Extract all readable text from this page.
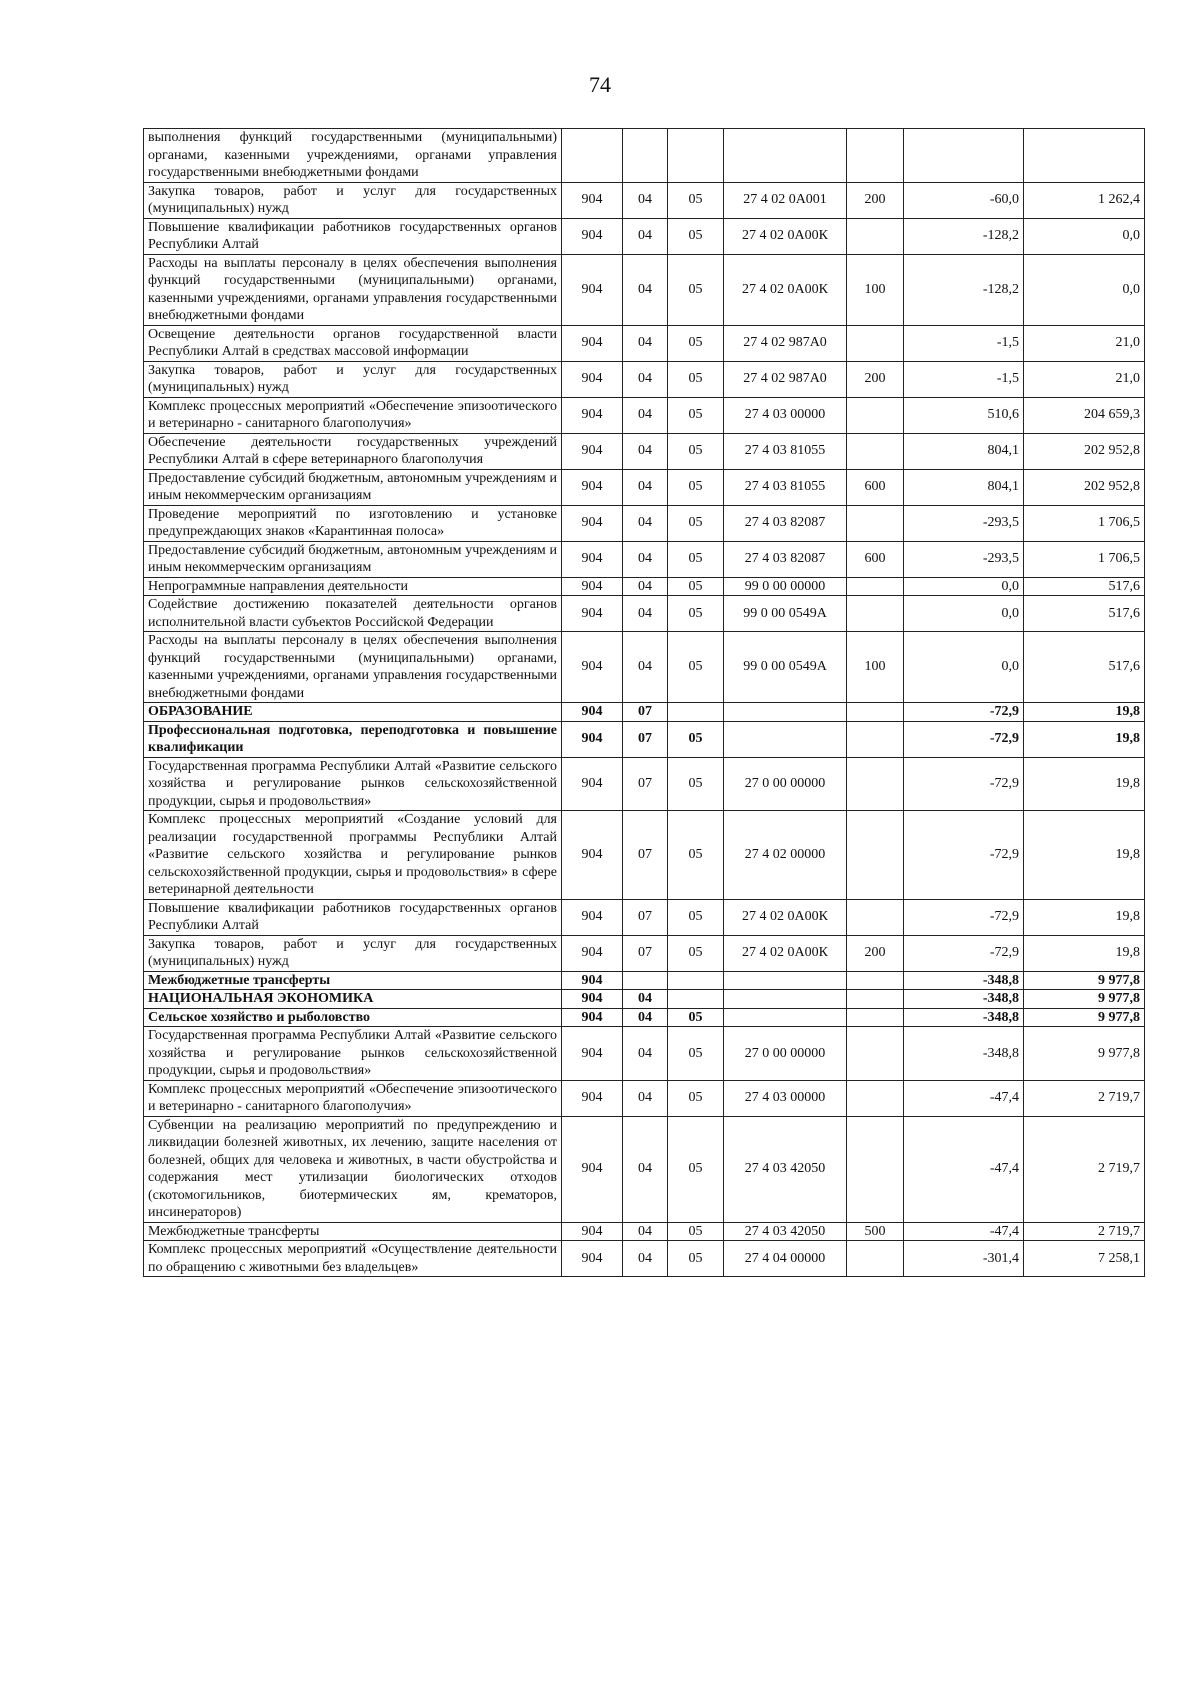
74
выполнения функций государственными (муниципальными) органами, казенными учреждениями, органами управления государственными внебюджетными фондами							
Закупка товаров, работ и услуг для государственных (муниципальных) нужд	904	04	05	27 4 02 0А001	200	-60,0	1 262,4
Повышение квалификации работников государственных органов Республики Алтай	904	04	05	27 4 02 0А00К		-128,2	0,0
Расходы на выплаты персоналу в целях обеспечения выполнения функций государственными (муниципальными) органами, казенными учреждениями, органами управления государственными внебюджетными фондами	904	04	05	27 4 02 0А00К	100	-128,2	0,0
Освещение деятельности органов государственной власти Республики Алтай в средствах массовой информации	904	04	05	27 4 02 987А0		-1,5	21,0
Закупка товаров, работ и услуг для государственных (муниципальных) нужд	904	04	05	27 4 02 987А0	200	-1,5	21,0
Комплекс процессных мероприятий «Обеспечение эпизоотического и ветеринарно - санитарного благополучия»	904	04	05	27 4 03 00000		510,6	204 659,3
Обеспечение деятельности государственных учреждений Республики Алтай в сфере ветеринарного благополучия	904	04	05	27 4 03 81055		804,1	202 952,8
Предоставление субсидий бюджетным, автономным учреждениям и иным некоммерческим организациям	904	04	05	27 4 03 81055	600	804,1	202 952,8
Проведение мероприятий по изготовлению и установке предупреждающих знаков «Карантинная полоса»	904	04	05	27 4 03 82087		-293,5	1 706,5
Предоставление субсидий бюджетным, автономным учреждениям и иным некоммерческим организациям	904	04	05	27 4 03 82087	600	-293,5	1 706,5
Непрограммные направления деятельности	904	04	05	99 0 00 00000		0,0	517,6
Содействие достижению показателей деятельности органов исполнительной власти субъектов Российской Федерации	904	04	05	99 0 00 0549А		0,0	517,6
Расходы на выплаты персоналу в целях обеспечения выполнения функций государственными (муниципальными) органами, казенными учреждениями, органами управления государственными внебюджетными фондами	904	04	05	99 0 00 0549А	100	0,0	517,6
ОБРАЗОВАНИЕ	904	07				-72,9	19,8
Профессиональная подготовка, переподготовка и повышение квалификации	904	07	05			-72,9	19,8
Государственная программа Республики Алтай «Развитие сельского хозяйства и регулирование рынков сельскохозяйственной продукции, сырья и продовольствия»	904	07	05	27 0 00 00000		-72,9	19,8
Комплекс процессных мероприятий «Создание условий для реализации государственной программы Республики Алтай «Развитие сельского хозяйства и регулирование рынков сельскохозяйственной продукции, сырья и продовольствия» в сфере ветеринарной деятельности	904	07	05	27 4 02 00000		-72,9	19,8
Повышение квалификации работников государственных органов Республики Алтай	904	07	05	27 4 02 0А00К		-72,9	19,8
Закупка товаров, работ и услуг для государственных (муниципальных) нужд	904	07	05	27 4 02 0А00К	200	-72,9	19,8
Межбюджетные трансферты	904					-348,8	9 977,8
НАЦИОНАЛЬНАЯ ЭКОНОМИКА	904	04				-348,8	9 977,8
Сельское хозяйство и рыболовство	904	04	05			-348,8	9 977,8
Государственная программа Республики Алтай «Развитие сельского хозяйства и регулирование рынков сельскохозяйственной продукции, сырья и продовольствия»	904	04	05	27 0 00 00000		-348,8	9 977,8
Комплекс процессных мероприятий «Обеспечение эпизоотического и ветеринарно - санитарного благополучия»	904	04	05	27 4 03 00000		-47,4	2 719,7
Субвенции на реализацию мероприятий по предупреждению и ликвидации болезней животных, их лечению, защите населения от болезней, общих для человека и животных, в части обустройства и содержания мест утилизации биологических отходов (скотомогильников, биотермических ям, крематоров, инсинераторов)	904	04	05	27 4 03 42050		-47,4	2 719,7
Межбюджетные трансферты	904	04	05	27 4 03 42050	500	-47,4	2 719,7
Комплекс процессных мероприятий «Осуществление деятельности по обращению с животными без владельцев»	904	04	05	27 4 04 00000		-301,4	7 258,1
